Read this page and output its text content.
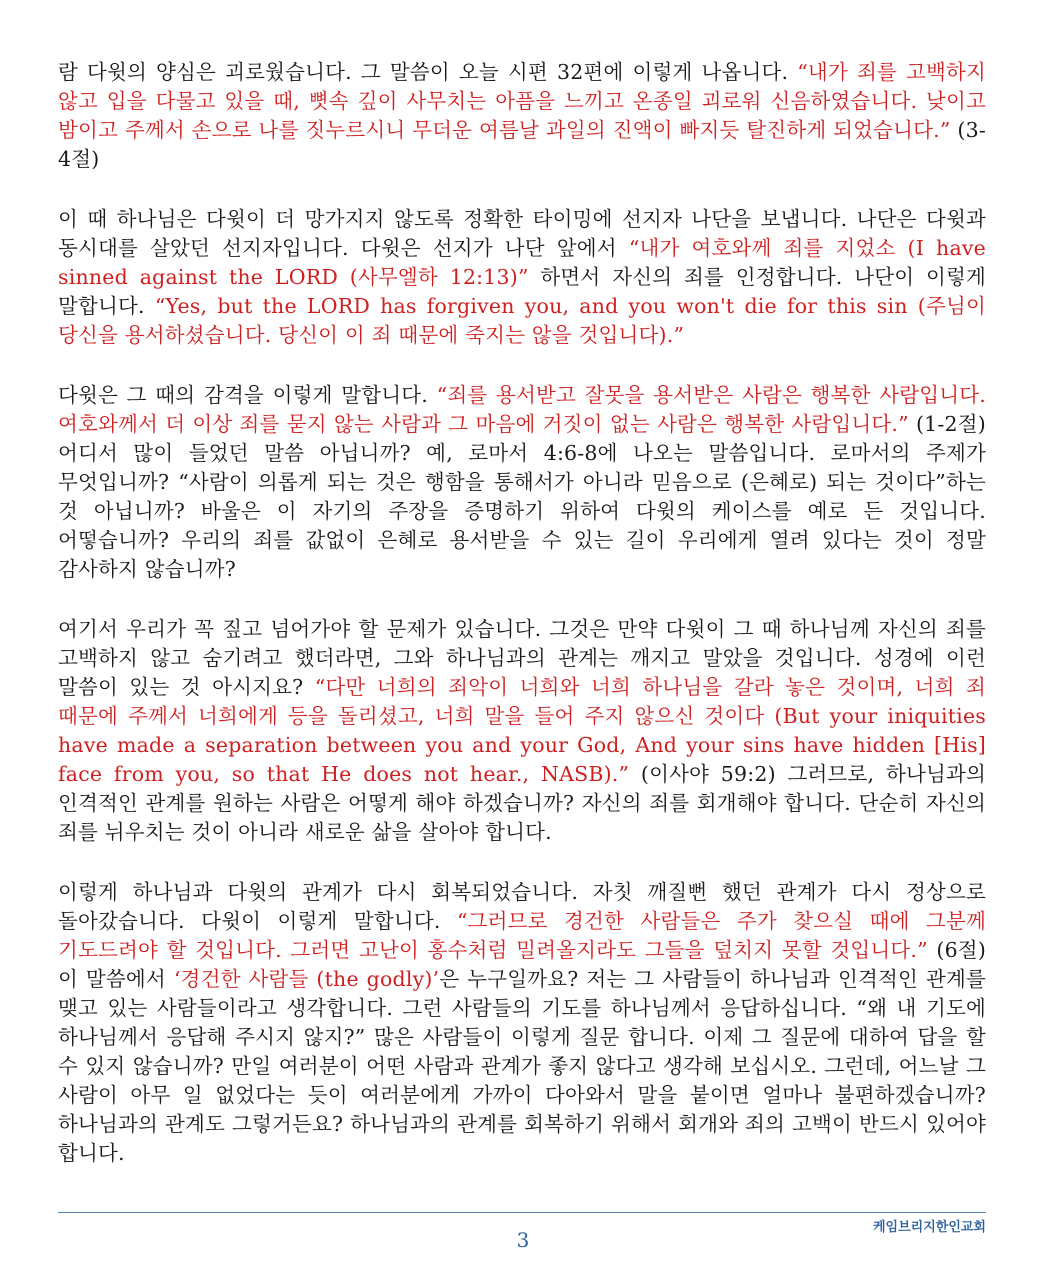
람 다윗의 양심은 괴로웠습니다. 그 말씀이 오늘 시편 32편에 이렇게 나옵니다. “내가 죄를 고백하지 않고 입을 다물고 있을 때, 뼛속 깊이 사무치는 아픔을 느끼고 온종일 괴로워 신음하였습니다. 낮이고 밤이고 주께서 손으로 나를 짓누르시니 무더운 여름날 과일의 진액이 빠지듯 탈진하게 되었습니다.” (3-4절)

이 때 하나님은 다윗이 더 망가지지 않도록 정확한 타이밍에 선지자 나단을 보냅니다. 나단은 다윗과 동시대를 살았던 선지자입니다. 다윗은 선지가 나단 앞에서 “내가 여호와께 죄를 지었소 (I have sinned against the LORD (사무엘하 12:13)” 하면서 자신의 죄를 인정합니다. 나단이 이렇게 말합니다. “Yes, but the LORD has forgiven you, and you won't die for this sin (주님이 당신을 용서하셨습니다. 당신이 이 죄 때문에 죽지는 않을 것입니다).”

다윗은 그 때의 감격을 이렇게 말합니다. “죄를 용서받고 잘못을 용서받은 사람은 행복한 사람입니다. 여호와께서 더 이상 죄를 묻지 않는 사람과 그 마음에 거짓이 없는 사람은 행복한 사람입니다.” (1-2절) 어디서 많이 들었던 말씀 아닙니까? 예, 로마서 4:6-8에 나오는 말씀입니다. 로마서의 주제가 무엇입니까? “사람이 의롭게 되는 것은 행함을 통해서가 아니라 믿음으로 (은혜로) 되는 것이다”하는 것 아닙니까? 바울은 이 자기의 주장을 증명하기 위하여 다윗의 케이스를 예로 든 것입니다. 어떻습니까? 우리의 죄를 값없이 은혜로 용서받을 수 있는 길이 우리에게 열려 있다는 것이 정말 감사하지 않습니까?

여기서 우리가 꼭 짚고 넘어가야 할 문제가 있습니다. 그것은 만약 다윗이 그 때 하나님께 자신의 죄를 고백하지 않고 숨기려고 했더라면, 그와 하나님과의 관계는 깨지고 말았을 것입니다. 성경에 이런 말씀이 있는 것 아시지요? “다만 너희의 죄악이 너희와 너희 하나님을 갈라 놓은 것이며, 너희 죄 때문에 주께서 너희에게 등을 돌리셨고, 너희 말을 들어 주지 않으신 것이다 (But your iniquities have made a separation between you and your God, And your sins have hidden [His] face from you, so that He does not hear., NASB).” (이사야 59:2) 그러므로, 하나님과의 인격적인 관계를 원하는 사람은 어떻게 해야 하겠습니까? 자신의 죄를 회개해야 합니다. 단순히 자신의 죄를 뉘우치는 것이 아니라 새로운 삶을 살아야 합니다.

이렇게 하나님과 다윗의 관계가 다시 회복되었습니다. 자칫 깨질뻔 했던 관계가 다시 정상으로 돌아갔습니다. 다윗이 이렇게 말합니다. “그러므로 경건한 사람들은 주가 찾으실 때에 그분께 기도드려야 할 것입니다. 그러면 고난이 홍수처럼 밀려올지라도 그들을 덮치지 못할 것입니다.” (6절) 이 말씀에서 ‘경건한 사람들 (the godly)’은 누구일까요? 저는 그 사람들이 하나님과 인격적인 관계를 맺고 있는 사람들이라고 생각합니다. 그런 사람들의 기도를 하나님께서 응답하십니다. “왜 내 기도에 하나님께서 응답해 주시지 않지?” 많은 사람들이 이렇게 질문 합니다. 이제 그 질문에 대하여 답을 할 수 있지 않습니까? 만일 여러분이 어떤 사람과 관계가 좋지 않다고 생각해 보십시오. 그런데, 어느날 그 사람이 아무 일 없었다는 듯이 여러분에게 가까이 다아와서 말을 붙이면 얼마나 불편하겠습니까? 하나님과의 관계도 그렇거든요? 하나님과의 관계를 회복하기 위해서 회개와 죄의 고백이 반드시 있어야 합니다.

케임브리지한인교회
3
